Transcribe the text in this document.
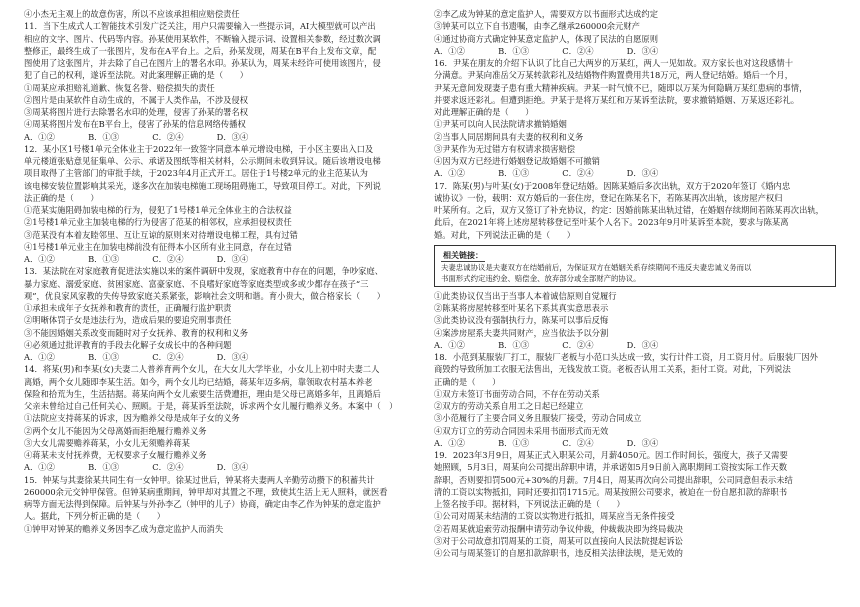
④小杰无主观上的故意伤害，所以不应该承担相应赔偿责任
11．当下生成式人工智能技术引发广泛关注，用户只需要输入一些提示词，AI大模型就可以产出
相应的文字、图片、代码等内容。孙某使用某软件，不断输入提示词、设置相关参数，经过数次调
整修正，最终生成了一张图片，发布在A平台上。之后，孙某发现，周某在B平台上发布文章，配
图使用了这张图片，并去除了自己在图片上的署名水印。孙某认为，周某未经许可使用该图片，侵
犯了自己的权利，遂诉至法院。对此案理解正确的是（　　）
①周某应承担赔礼道歉、恢复名誉、赔偿损失的责任
②图片是由某软件自动生成的，不属于人类作品，不涉及侵权
③周某将图片进行去除署名水印的处理，侵害了孙某的署名权
④周某将图片发布在B平台上，侵害了孙某的信息网络传播权
A．①②　　　　B．①③　　　　C．②④　　　　D．③④
12．某小区1号楼1单元全体业主于2022年一致签字同意本单元增设电梯，于小区主要出入口及
单元楼道张贴意见征集单、公示、承诺及图纸等相关材料，公示期间未收到异议。随后该增设电梯
项目取得了主管部门的审批手续，于2023年4月正式开工。居住于1号楼2单元的业主范某认为
该电梯安装位置影响其采光，遂多次在加装电梯施工现场阻碍施工，导致项目停工。对此，下列说
法正确的是（　　）
①范某实施阻碍加装电梯的行为，侵犯了1号楼1单元全体业主的合法权益
②1号楼1单元业主加装电梯的行为侵害了范某的相邻权，应承担侵权责任
③范某没有本着友睦邻里、互让互谅的原则来对待增设电梯工程，具有过错
④1号楼1单元业主在加装电梯前没有征得本小区所有业主同意，存在过错
A．①②　　　　B．①③　　　　C．②④　　　　D．③④
13．某法院在对家庭教育促进法实施以来的案件调研中发现，家庭教育中存在的问题，争吵家庭、
暴力家庭、溺爱家庭、贫困家庭、富豪家庭、不良嗜好家庭等家庭类型或多或少都存在孩子“三
观”，优良家风家教的失传导致家庭关系紧张，影响社会文明和谐。育小贵大，做合格家长（　　）
①承担未成年子女抚养和教育的责任，正确履行监护职责
②明晰体罚子女是违法行为，造成后果的要追究刑事责任
③不能因婚姻关系改变而随时对子女抚养、教育的权利和义务
④必须通过批评教育的手段去化解子女成长中的各种问题
A．①②　　　　B．①③　　　　C．②④　　　　D．③④
14．将某(男)和李某(女)夫妻二人普养育两个女儿，在大女儿大学毕业，小女儿上初中时夫妻二人
离婚，两个女儿随即李某生活。如今，两个女儿均已结婚，蒋某年迈多病，靠领取农村基本养老
保险和拾荒为生，生活拮据。蒋某向两个女儿索要生活费遭拒，理由是父母已离婚多年，且离婚后
父亲未曾给过自己任何关心、照顾。于是，蒋某诉至法院，诉求两个女儿履行赡养义务。本案中（　）
①法院应支持蒋某的诉求，因为赡养父母是成年子女的义务
②两个女儿不能因为父母离婚而拒绝履行赡养义务
③大女儿需要赡养蒋某，小女儿无须赡养蒋某
④蒋某未支付抚养费，无权要求子女履行赡养义务
A．①②　　　　B．①③　　　　C．②④　　　　D．③④
15．钟某与其妻徐某共同生有一女钟甲。徐某过世后，钟某将夫妻两人辛勤劳动攒下的积蓄共计
260000余元交钟甲保管。但钟某病重期间，钟甲却对其置之不理，致使其生活上无人照料，就医看
病等方面无法得到保障。后钟某与外孙李乙（钟甲的儿子）协商，确定由李乙作为钟某的意定监护
人。据此，下列分析正确的是（　　）
①钟甲对钟某的赡养义务因李乙成为意定监护人而消失
②李乙成为钟某的意定监护人，需要双方以书面形式达成约定
③钟某可以立下自书遗嘱，由李乙继承260000余元财产
④通过协商方式确定钟某意定监护人，体现了民法的自愿原则
A．①②　　　　B．①③　　　　C．②④　　　　D．③④
16．尹某在朋友的介绍下认识了比自己大两岁的万某红，两人一见如故。双方家长也对这段感情十
分满意。尹某向准岳父万某转款彩礼及结婚物件购置费用共18万元，两人登记结婚。婚后一个月，
尹某无意间发现妻子患有重大精神疾病。尹某一时气愤不已，随即以万某为何隐瞒万某红患病的事情，
并要求返还彩礼。但遭到拒绝。尹某于是将万某红和万某诉至法院，要求撤销婚姻、万某返还彩礼。
对此理解正确的是（　　）
①尹某可以向人民法院请求撤销婚姻
②当事人同居期间具有夫妻的权利和义务
③尹某作为无过错方有权请求损害赔偿
④因为双方已经进行婚姻登记故婚姻不可撤销
A．①②　　　　B．①③　　　　C．②④　　　　D．③④
17．陈某(男)与叶某(女)于2008年登记结婚。因陈某婚后多次出轨，双方于2020年签订《婚内忠
诚协议》一份，载明：双方婚后的一套住房，登记在陈某名下，若陈某再次出轨，该房屋产权归
叶某所有。之后，双方又签订了补充协议，约定：因婚前陈某出轨过错，在婚姻存续期间若陈某再次出轨，
此后，在2021年将上述房屋转移登记至叶某个人名下。2023年9月叶某诉至本院，要求与陈某离
婚。对此，下列说法正确的是（　　）
相关链接：
夫妻忠诚协议是夫妻双方在结婚前后，为保证双方在婚姻关系存续期间不违反夫妻忠诚义务而以
书面形式约定违约金、赔偿金、放弃部分或全部财产的协议。
①此类协议仅当出于当事人本着诚信原则自觉履行
②陈某将房屋转移至叶某名下系其真实意思表示
③此类协议没有强制执行力，陈某可以事后反悔
④案涉房屋系夫妻共同财产，应当依法予以分割
A．①②　　　　B．①③　　　　C．②④　　　　D．③④
18．小范到某服装厂打工，服装厂老板与小范口头达成一致，实行计件工资，月工资月付。后服装厂因外
商毁约导致所加工衣服无法售出，无钱发放工资。老板否认用工关系，拒付工资。对此，下列说法
正确的是（　　）
①双方未签订书面劳动合同，不存在劳动关系
②双方的劳动关系自用工之日起已经建立
③小范履行了主要合同义务且服装厂接受，劳动合同成立
④双方订立的劳动合同因未采用书面形式而无效
A．①②　　　　B．①③　　　　C．②④　　　　D．③④
19．2023年3月9日，周某正式入职某公司，月薪4050元。因工作时间长，强度大，孩子又需要
她照顾，5月3日，周某向公司提出辞职申请，并承诺如5月9日前入离职期间工资按实际工作天数
辞职，否则要扣罚500元+30%的月薪。7月4日，周某再次向公司提出辞职，公司同意但表示未结
清的工资以实物抵扣，同时还要扣罚1715元。周某按照公司要求，被迫在一份自愿扣款的辞职书
上签名按手印。据材料，下列说法正确的是（　　）
①公司对周某未结清的工资以实物进行抵扣，周某应当无条件接受
②若周某就追索劳动报酬申请劳动争议仲裁，仲裁裁决即为终局裁决
③对于公司故意扣罚周某的工资，周某可以直接向人民法院提起诉讼
④公司与周某签订的自愿扣款辞职书，违反相关法律法规，是无效的
